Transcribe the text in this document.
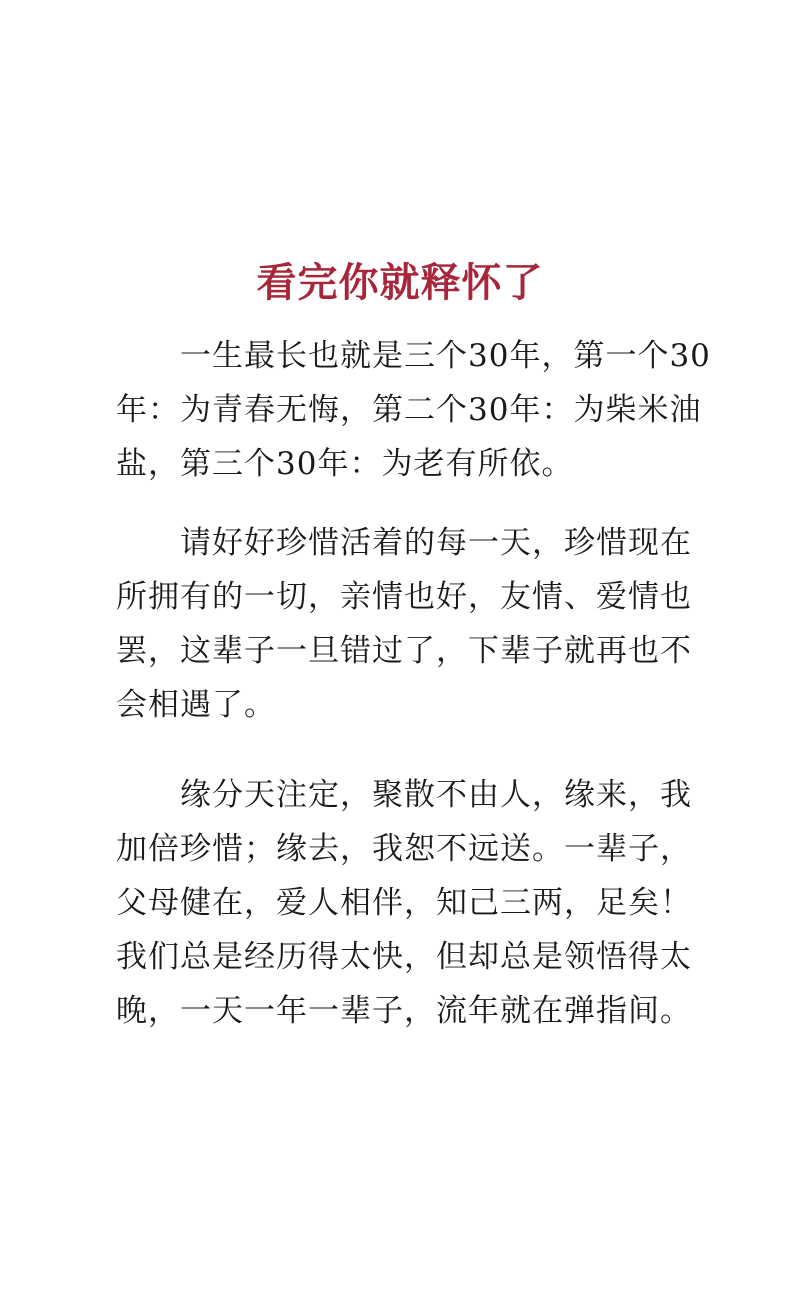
看完你就释怀了

一生最长也就是三个30年，第一个30
年：为青春无悔，第二个30年：为柴米油
盐，第三个30年：为老有所依。

请好好珍惜活着的每一天，珍惜现在
所拥有的一切，亲情也好，友情、爱情也
罢，这辈子一旦错过了，下辈子就再也不
会相遇了。

缘分天注定，聚散不由人，缘来，我
加倍珍惜；缘去，我恕不远送。一辈子，
父母健在，爱人相伴，知己三两，足矣！
我们总是经历得太快，但却总是领悟得太
晚，一天一年一辈子，流年就在弹指间。
